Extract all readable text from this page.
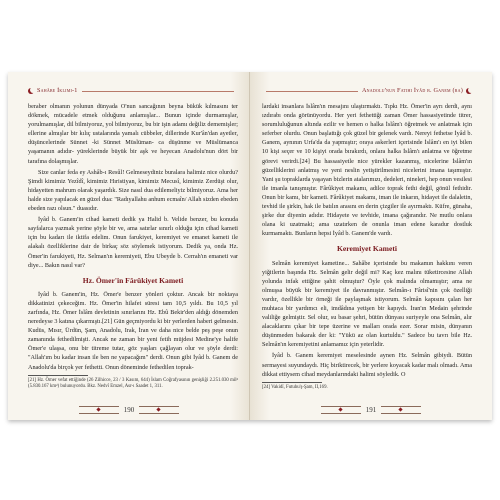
Sahâbe İklimi-1

beraber olmanın yolunun dünyada O'nun sancağının beyna bükük kılmasını ter dökmek, mücadele etmek olduğunu anlamışlar... Bunun içinde durmamışlar, yorulmamışlar, dil bilmiyoruz, yol bilmiyoruz, bu bir işin adamı değiliz dememişler; ellerine almışlar bir kılıç ustalarında yamalı cübbeler, dillerinde Kur'ân'dan ayetler, düşüncelerinde Sünnet -ki Sünnet Müslüman- ca düşünme ve Müslümanca yaşamanın adıdır- yüreklerinde büyük bir aşk ve heyecan Anadolu'nun dört bir tarafına dolaşmışlar.

Size canlar feda ey Ashâb-ı Resûl! Gelmeseydiniz buralara halimiz nice olurdu? Şimdi kimimiz Yezîdî, kimimiz Hıristiyan, kimimiz Mecusî, kimimiz Zerdüşt olur, hidayetten mahrum olarak yaşardık. Size nasıl dua edilemeliyiz bilmiyoruz. Ama her halde size yapılacak en güzel dua: "Radıyallahu anhum ecmaîn/ Allah sizden ebeden ebeden razı olsun." duasıdır.

İyâd b. Ganem'in cihad kameti dedik ya Halid b. Velide benzer, bu konuda sayfalarca yazmak yerine şöyle bir ve, ama satırlar sınırlı olduğu için cihad kameti için bu kadarı ile iktifa edelim. Onun farukiyet, keremiyet ve emanet kameti ile alakalı özelliklerine dair de birkaç söz söylemek istiyorum. Dedik ya, onda Hz. Ömer'in farukiyeti, Hz. Selman'ın keremiyeti, Ebu Ubeyde b. Cerrah'ın emaneti var diye... Bakın nasıl var?

Hz. Ömer'in Fârûkiyet Kameti

İyâd b. Ganem'in, Hz. Ömer'e benzer yönleri çoktur. Ancak bir noktaya dikkatinizi çekeceğim. Hz. Ömer'in hilafet süresi tam 10,5 yıldı. Bu 10,5 yıl zarfında, Hz. Ömer İslâm devletinin sınırlarını Hz. Ebû Bekir'den aldığı dönemden neredeyse 3 katına çıkarmıştı.[21] Gün geçmiyordu ki bir yerlerden haberi gelmesin. Kudüs, Mısır, Ürdün, Şam, Anadolu, Irak, İran ve daha nice belde peş peşe onun zamanında fethedilmişti. Ancak ne zaman bir yeni fetih müjdesi Medine'ye halife Ömer'e ulaşsa, onu bir titreme tutar, göz yaşları çağlayan olur ve şöyle derdi: "Allah'ım bu kadar insan ile ben ne yapacağım" derdi. Onun gibi İyâd b. Ganem de Anadolu'da birçok yer fethetti. Onun döneminde fethedilen toprak-

[21] Hz. Ömer vefat ettiğinde (26 Zilhicce, 23 / 3 Kasım, 644) İslam Coğrafyasının genişliği 2.251.030 mil² (5.830.167 km²) bulunuyordu. Bkz. Nedvî Emzel, Asr-ı Saadet 1, 311.
190
Anadolu'nun Fatihi İyâd b. Ganem (ra)

lardaki insanlara İslâm'ın mesajını ulaştırmaktı. Tıpkı Hz. Ömer'in ayrı derdi, aynı ızdırabı onda görünüyordu. Her yeri fethettiği zaman Ömer hassasiyetinde titrer, sorumluluğunun altında ezilir ve hemen o halka İslâm'ı öğretmek ve anlatmak için seferber olurdu. Onun başlattığı çok güzel bir gelenek vardı. Nereyi fethetse İyâd b. Ganem, aynının Urfa'da da yapmıştır; oraya askerleri içerisinde İslâm'ı en iyi bilen 10 kişi seçer ve 10 kişiyi orada bırakırdı, onlara halka İslâm'ı anlatma ve öğretme görevi verirdi.[24] Bu hassasiyetle nice yürekler kazanmış, nicelerine İslâm'ın güzelliklerini anlatmış ve yeni neslin yetiştirilmesini nicelerini imana taşımıştır. Yani şu topraklarda yaşayan bizlerin atalarımızı, dedeleri, nineleri, hep onun vesilesi ile imanla tanışmıştır. Fârûkiyet makamı, adilce toprak fethi değil, gönül fethidir. Onun bir kamı, bir kameti. Fârûkiyet makamı, iman ile inkarın, hidayet ile dalaletin, tevhid ile şirkin, hak ile batılın arasını en derin çizgiler ile ayırmaktı. Küfre, günaha, şirke dur diyenin adıdır. Hidayete ve tevhide, imana çağırandır. Ne mutlu onlara olana ki uzatmaki; ama uzatırken de onunla iman edene karadur dostluk kurmamaktı. Bunların hepsi İyâd b. Ganem'de vardı.

Keremiyet Kameti

Selmân keremiyet kametine... Sahâbe içerisinde bu makamın hakkını veren yiğitlerin başında Hz. Selmân gelir değil mi? Kaç kez malını tüketircesine Allah yolunda infak ettiğine şahit olmuştur? Öyle çok malında olmamıştır; ama ne olmuşsa büyük bir keremiyet ile davranmıştır. Selmân-ı Fârisî'nin çok özelliği vardır, özellikle bir örneği ile paylaşmak istiyorum. Selmân kapısını çalan her muhtaca bir yardımcı eli, imdâdına yetişen bir kapıydı. İran'ın Medain şehrinde valiliğe gelmiştir. Sel olur, su basar şehri, bütün dünyası suriyeyle ona Selmân, alır alacaklarını çıkar bir tepe üzerine ve malları orada ezer. Sorar misin, dünyanın düşünmeden bakarak der ki: "Yükü az olan kurtuldu." Sadece bu tavrı bile Hz. Selmân'ın keremiyetini anlamamız için yeterlidir.

İyâd b. Ganem keremiyet meselesinde aynen Hz. Selmân gibiydi. Bütün sermayesi suyundaydı. Hiç biriktirecek, bir yerlere koyacak kadar malı olmadı. Ama dikkat ettiysem cihad meydanlarındaki halimi söyledik. O

[24] Vakidî, Futuhu'ş-Şam, II,169.
191
